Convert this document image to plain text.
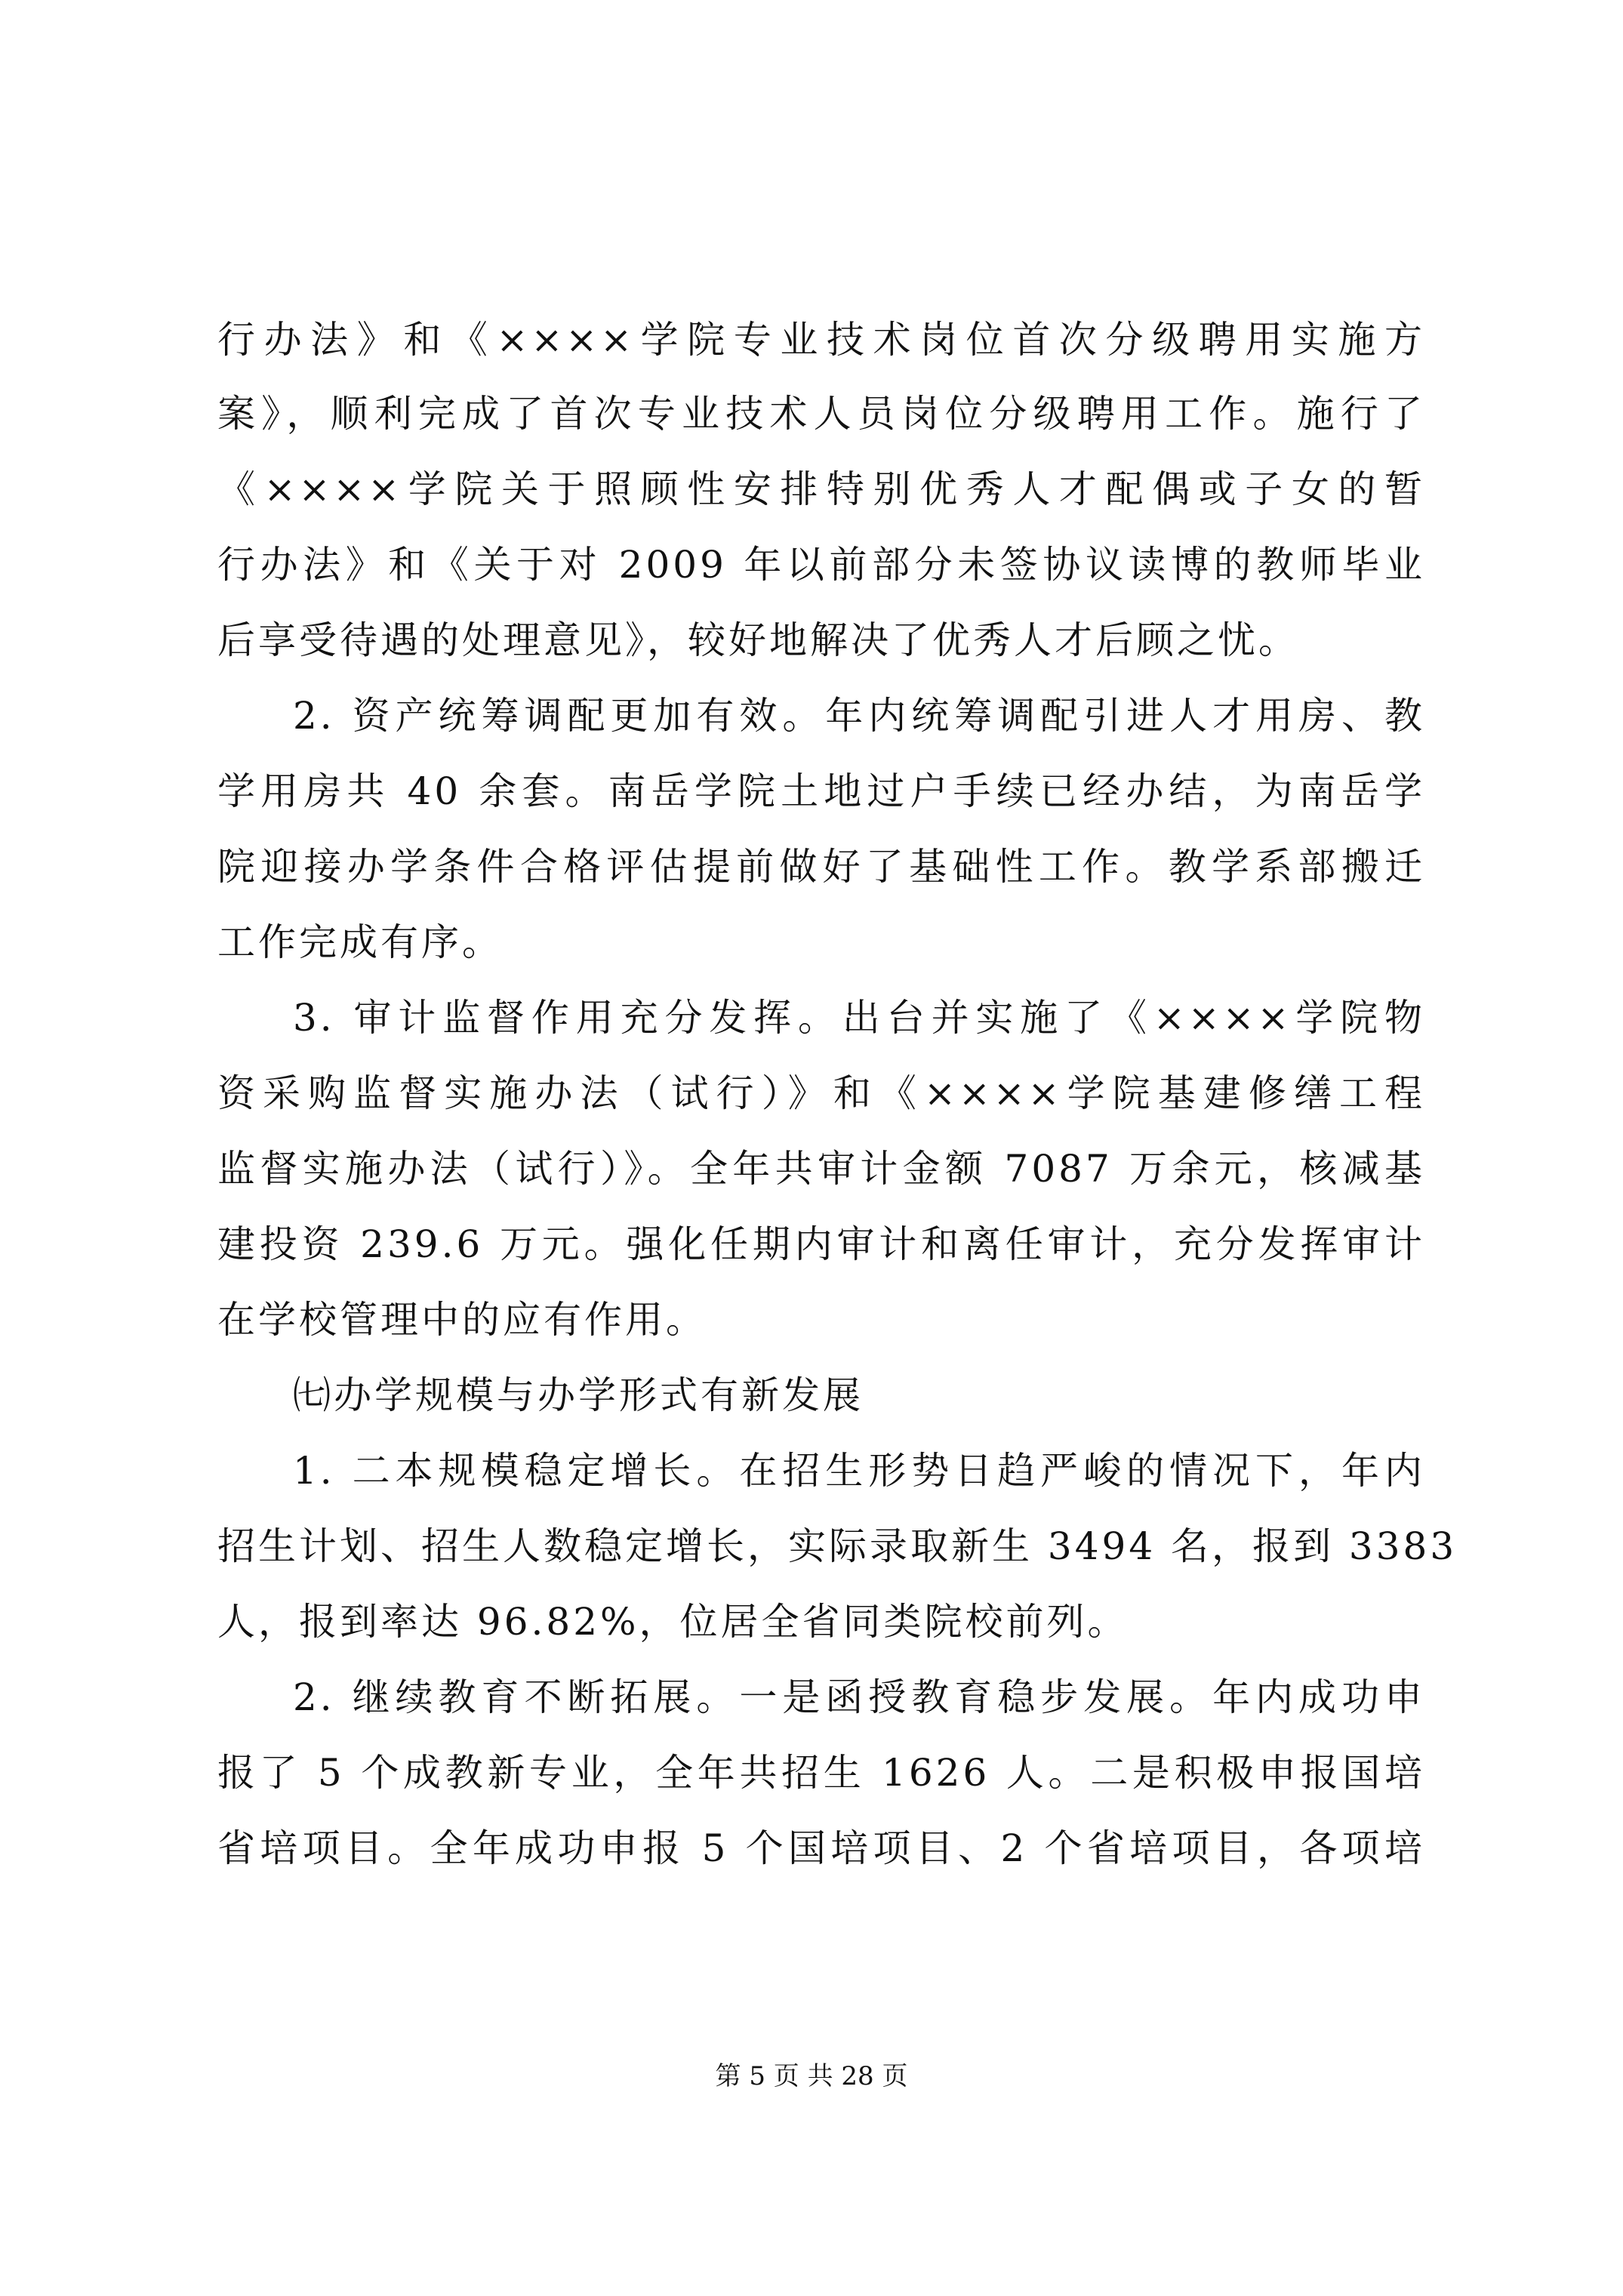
行办法》和《××××学院专业技术岗位首次分级聘用实施方
案》，顺利完成了首次专业技术人员岗位分级聘用工作。施行了
《××××学院关于照顾性安排特别优秀人才配偶或子女的暂
行办法》和《关于对 2009 年以前部分未签协议读博的教师毕业
后享受待遇的处理意见》，较好地解决了优秀人才后顾之忧。
2. 资产统筹调配更加有效。年内统筹调配引进人才用房、教
学用房共 40 余套。南岳学院土地过户手续已经办结，为南岳学
院迎接办学条件合格评估提前做好了基础性工作。教学系部搬迁
工作完成有序。
3. 审计监督作用充分发挥。出台并实施了《××××学院物
资采购监督实施办法（试行）》和《××××学院基建修缮工程
监督实施办法（试行）》。全年共审计金额 7087 万余元，核减基
建投资 239.6 万元。强化任期内审计和离任审计，充分发挥审计
在学校管理中的应有作用。
㈦办学规模与办学形式有新发展
1. 二本规模稳定增长。在招生形势日趋严峻的情况下，年内
招生计划、招生人数稳定增长，实际录取新生 3494 名，报到 3383
人，报到率达 96.82%，位居全省同类院校前列。
2. 继续教育不断拓展。一是函授教育稳步发展。年内成功申
报了 5 个成教新专业，全年共招生 1626 人。二是积极申报国培
省培项目。全年成功申报 5 个国培项目、2 个省培项目，各项培
第 5 页 共 28 页
